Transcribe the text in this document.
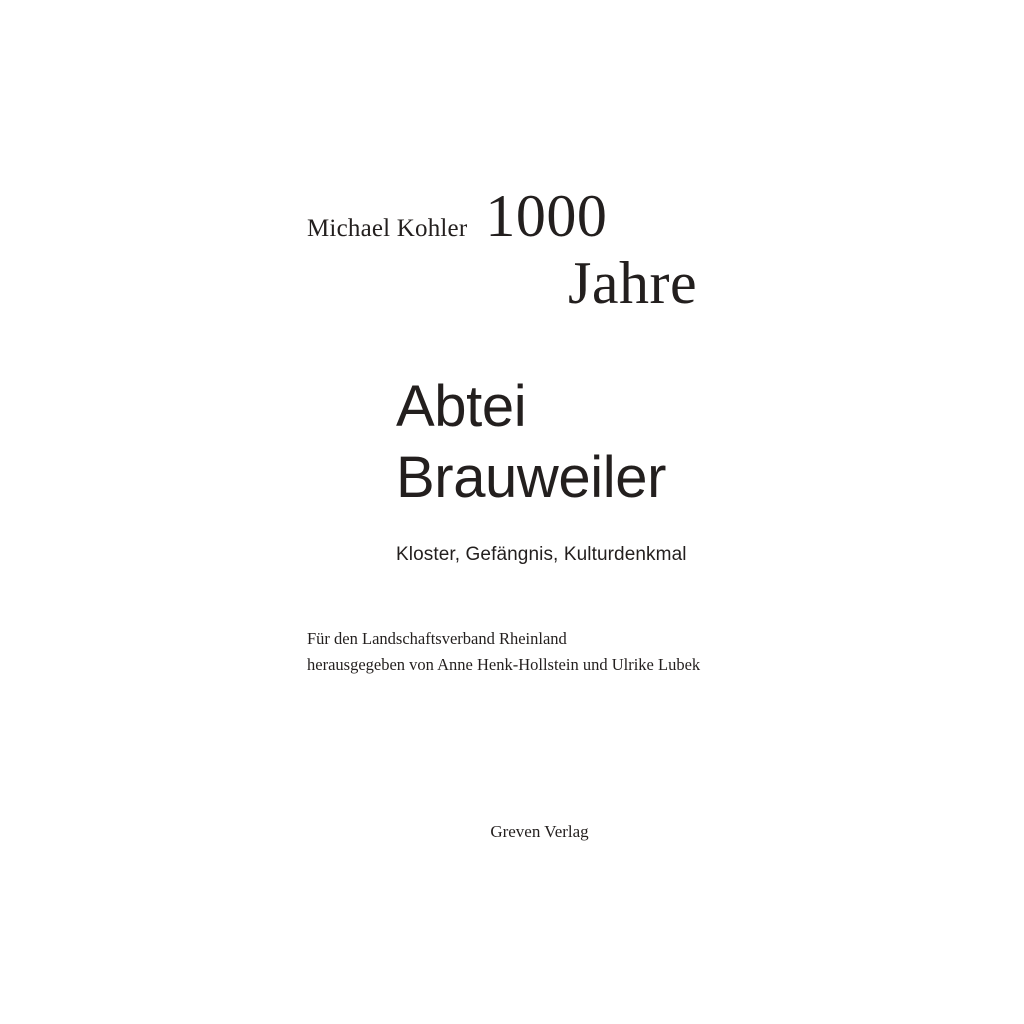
Michael Kohler 1000
Jahre
Abtei
Brauweiler
Kloster, Gefängnis, Kulturdenkmal
Für den Landschaftsverband Rheinland
herausgegeben von Anne Henk-Hollstein und Ulrike Lubek
Greven Verlag
